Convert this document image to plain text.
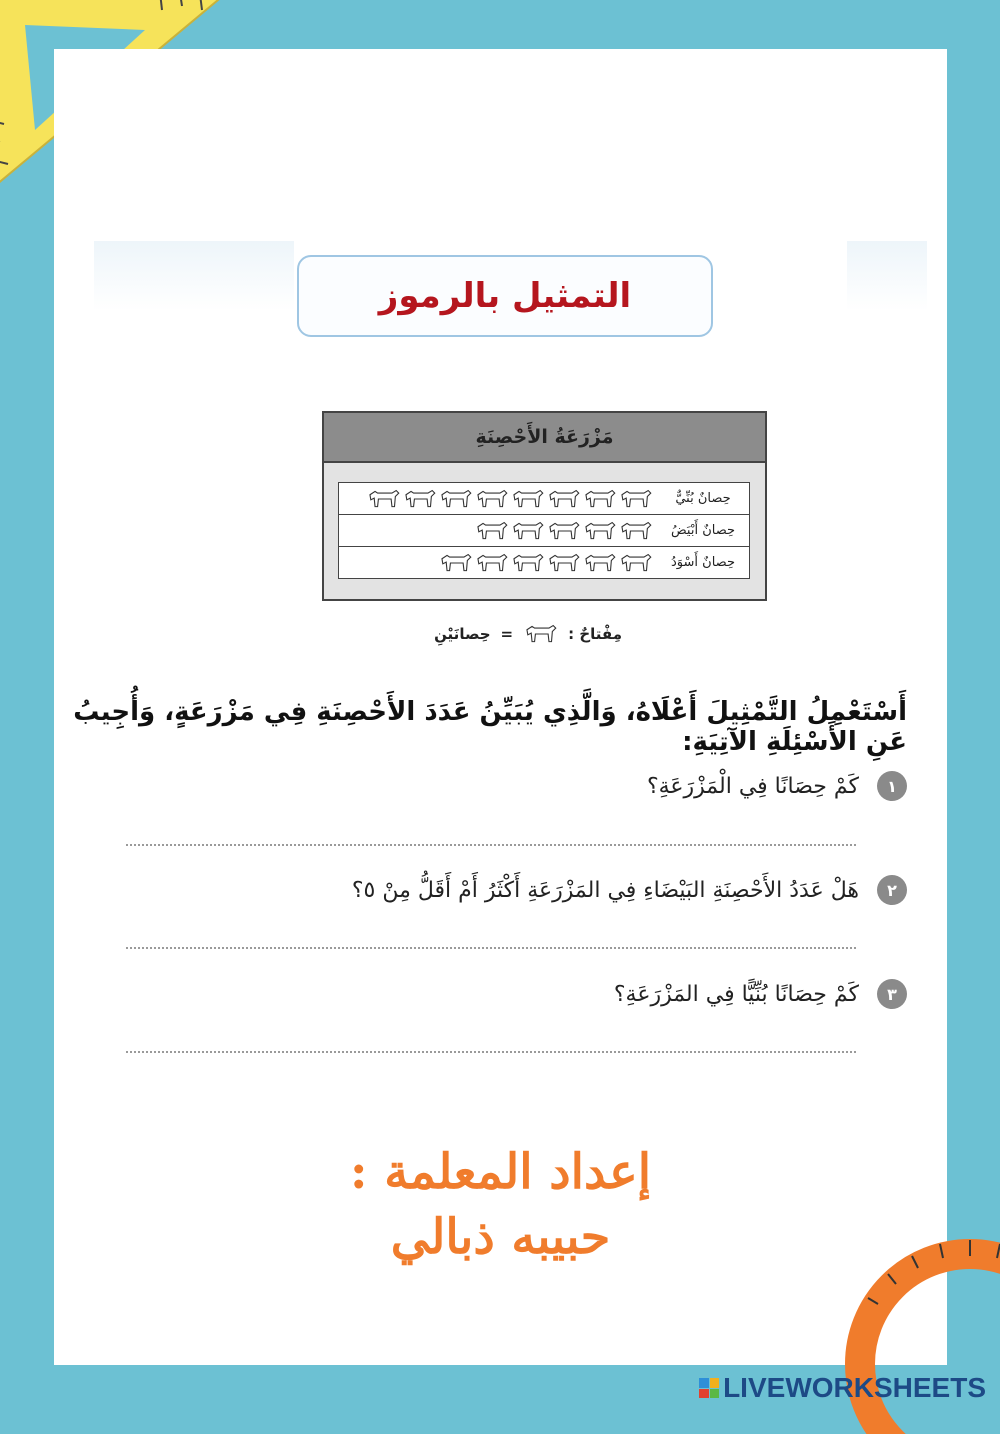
التمثيل بالرموز
مَزْرَعَةُ الأَحْصِنَةِ
حِصانٌ بُنِّيٌّ
حِصانٌ أَبْيَضُ
حِصانٌ أَسْوَدُ
مِفْتاحٌ :
=
حِصانَيْنِ
أَسْتَعْمِلُ التَّمْثِيلَ أَعْلَاهُ، وَالَّذِي يُبَيِّنُ عَدَدَ الأَحْصِنَةِ فِي مَزْرَعَةٍ، وَأُجِيبُ عَنِ الأَسْئِلَةِ الآتِيَةِ:
١
كَمْ حِصَانًا فِي الْمَزْرَعَةِ؟
٢
هَلْ عَدَدُ الأَحْصِنَةِ البَيْضَاءِ فِي المَزْرَعَةِ أَكْثَرُ أَمْ أَقَلُّ مِنْ ٥؟
٣
كَمْ حِصَانًا بُنِّيًّا فِي المَزْرَعَةِ؟
إعداد المعلمة :
حبيبه ذبالي
LIVEWORKSHEETS
